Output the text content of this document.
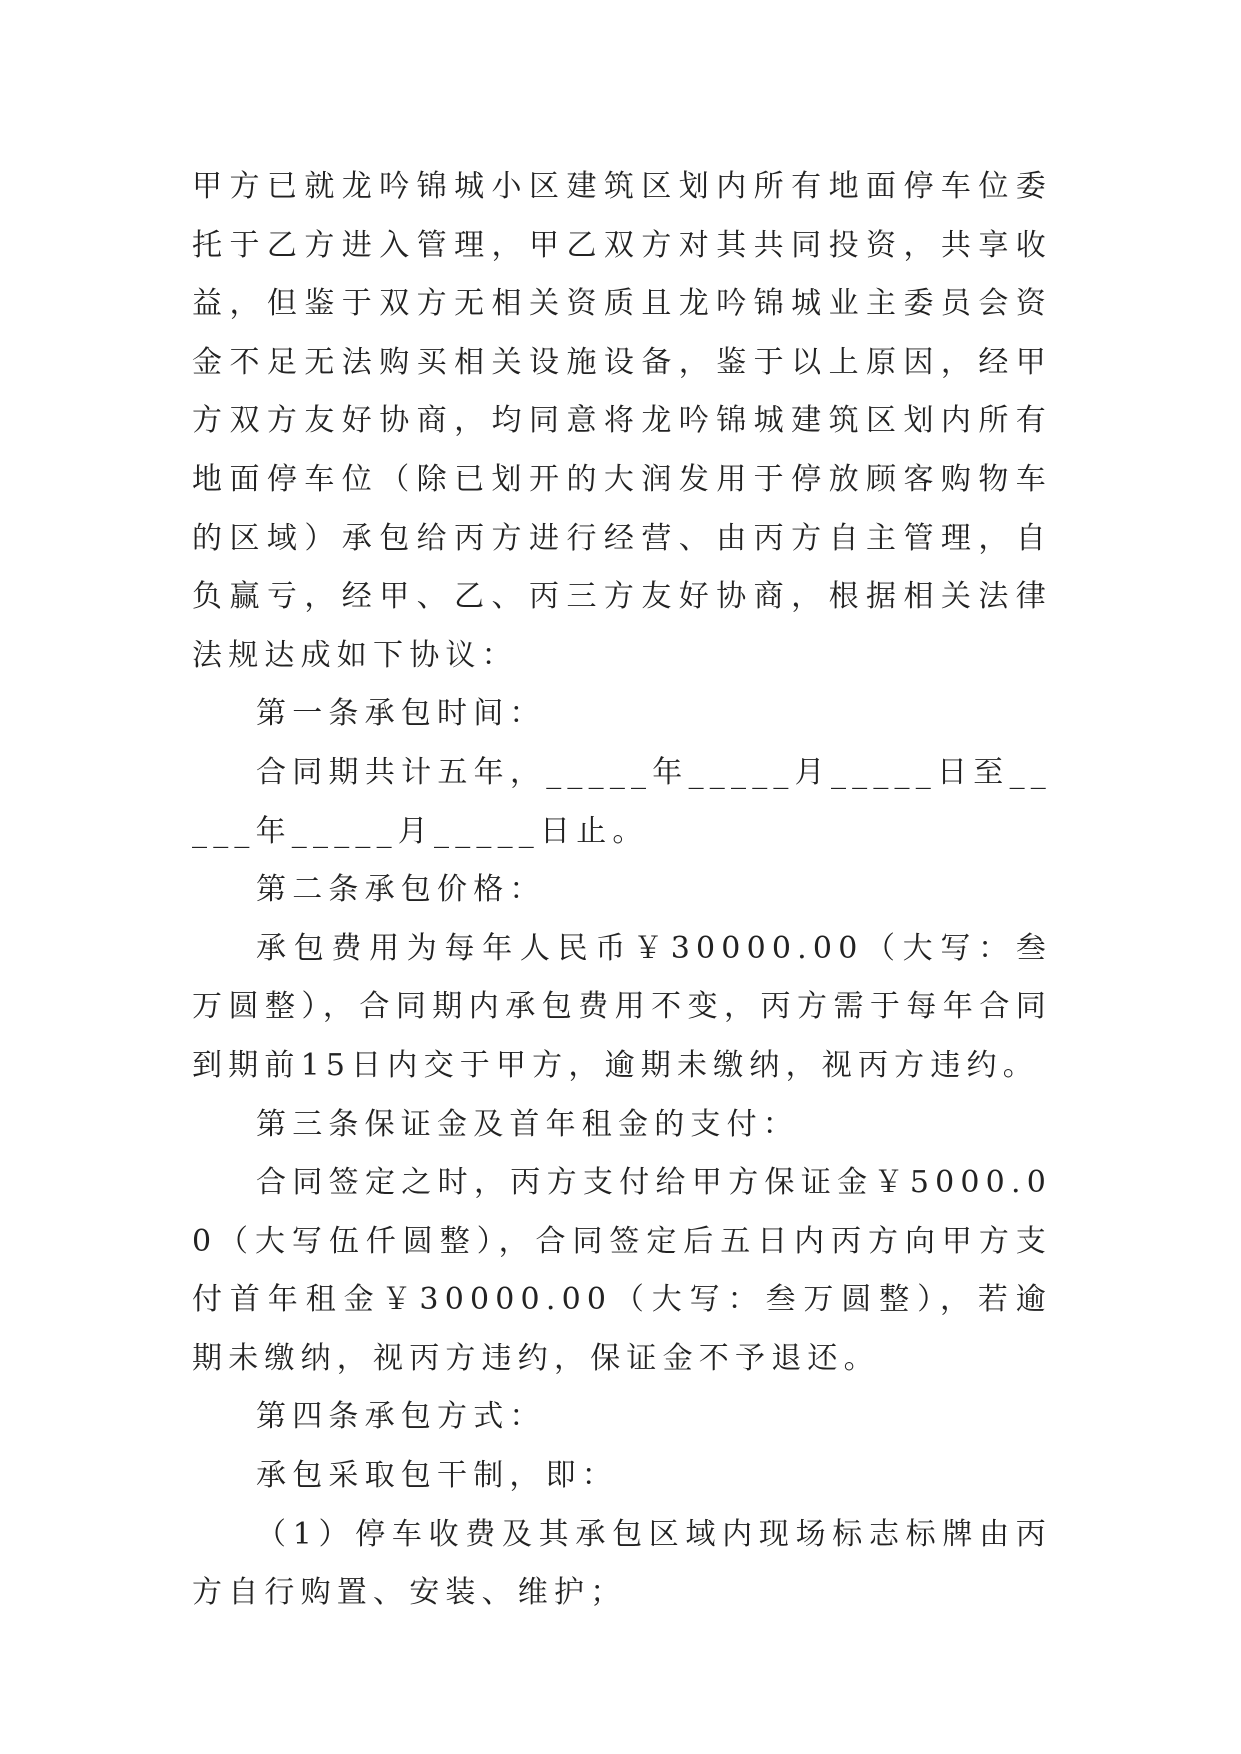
甲方已就龙吟锦城小区建筑区划内所有地面停车位委托于乙方进入管理，甲乙双方对其共同投资，共享收益，但鉴于双方无相关资质且龙吟锦城业主委员会资金不足无法购买相关设施设备，鉴于以上原因，经甲方双方友好协商，均同意将龙吟锦城建筑区划内所有地面停车位（除已划开的大润发用于停放顾客购物车的区域）承包给丙方进行经营、由丙方自主管理，自负赢亏，经甲、乙、丙三方友好协商，根据相关法律法规达成如下协议：

第一条承包时间：

合同期共计五年，_____年_____月_____日至_____年_____月_____日止。

第二条承包价格：

承包费用为每年人民币￥30000.00（大写：叁万圆整），合同期内承包费用不变，丙方需于每年合同到期前15日内交于甲方，逾期未缴纳，视丙方违约。

第三条保证金及首年租金的支付：

合同签定之时，丙方支付给甲方保证金￥5000.00（大写伍仟圆整），合同签定后五日内丙方向甲方支付首年租金￥30000.00（大写：叁万圆整），若逾期未缴纳，视丙方违约，保证金不予退还。

第四条承包方式：

承包采取包干制，即：

（1）停车收费及其承包区域内现场标志标牌由丙方自行购置、安装、维护；
